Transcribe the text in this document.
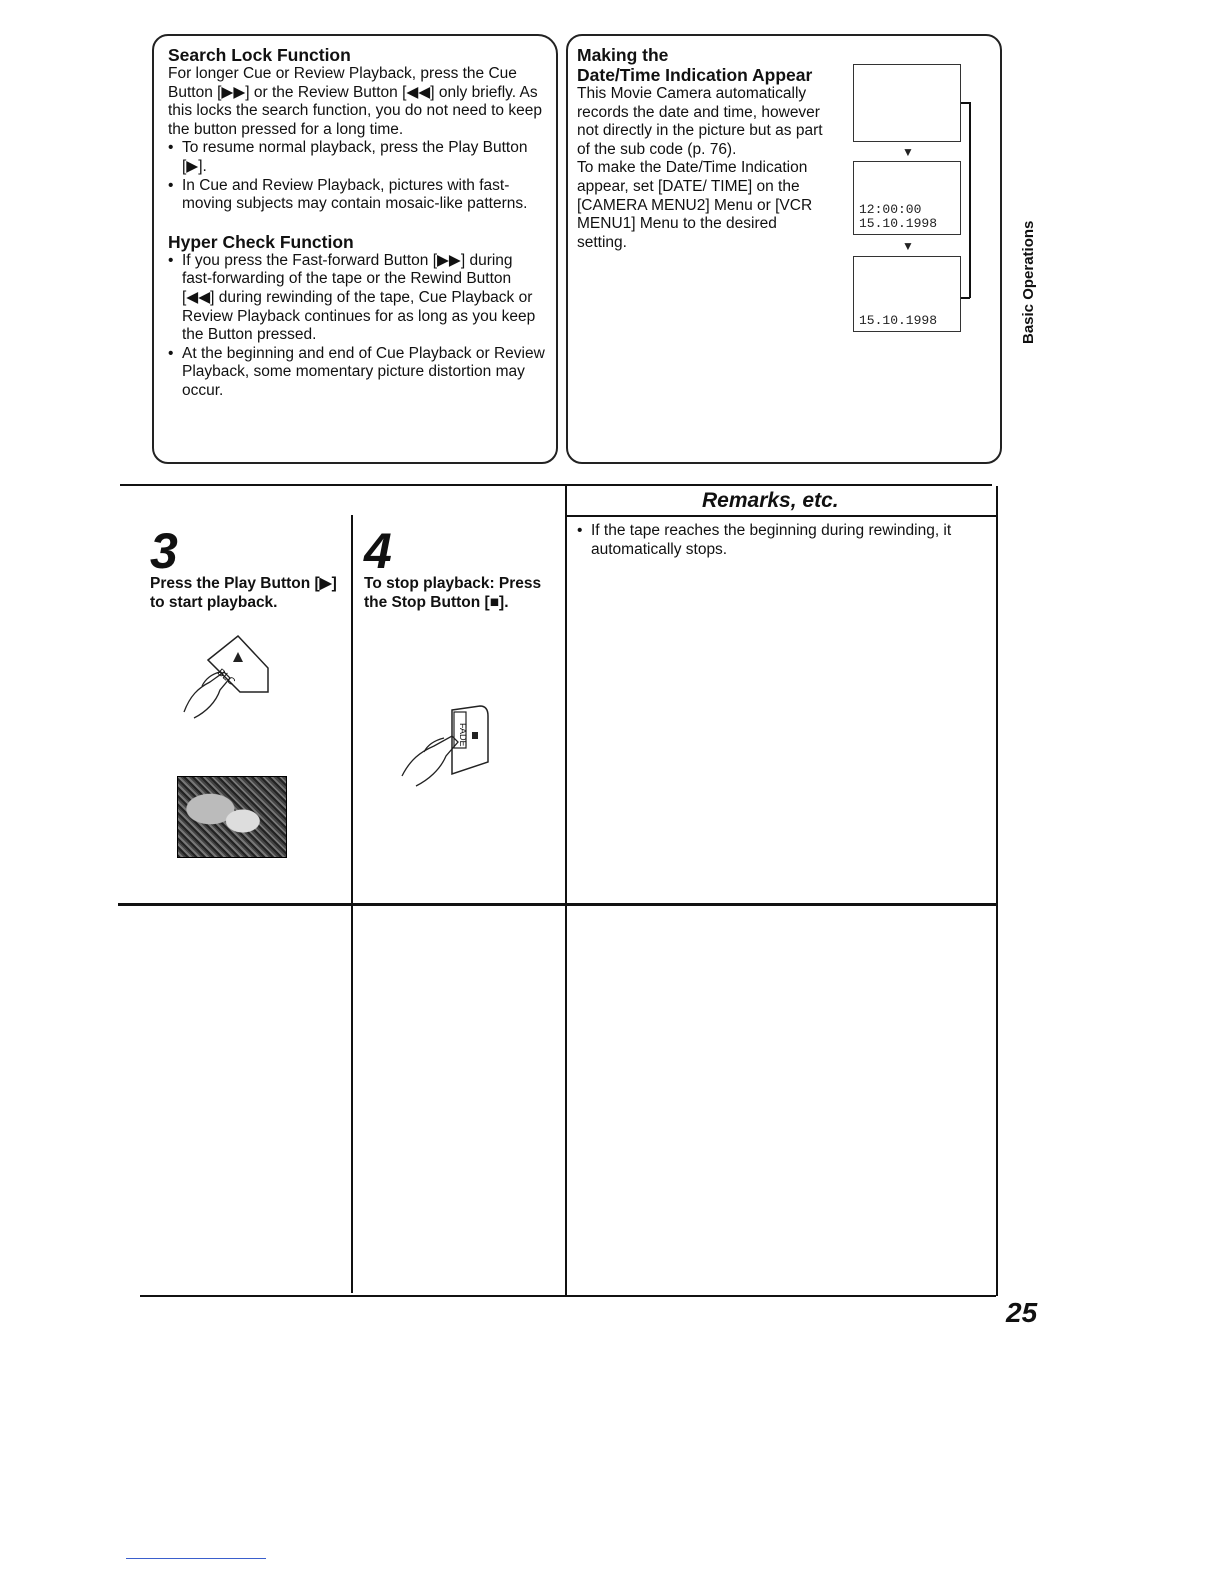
Search Lock Function
For longer Cue or Review Playback, press the Cue Button [▶▶] or the Review Button [◀◀] only briefly. As this locks the search function, you do not need to keep the button pressed for a long time.
• To resume normal playback, press the Play Button [▶].
• In Cue and Review Playback, pictures with fast-moving subjects may contain mosaic-like patterns.
Hyper Check Function
• If you press the Fast-forward Button [▶▶] during fast-forwarding of the tape or the Rewind Button [◀◀] during rewinding of the tape, Cue Playback or Review Playback continues for as long as you keep the Button pressed.
• At the beginning and end of Cue Playback or Review Playback, some momentary picture distortion may occur.
Making the
Date/Time Indication Appear
This Movie Camera automatically records the date and time, however not directly in the picture but as part of the sub code (p. 76).
To make the Date/Time Indication appear, set [DATE/ TIME] on the [CAMERA MENU2] Menu or [VCR MENU1] Menu to the desired setting.
▼
12:00:00
15.10.1998
▼
15.10.1998	Basic Operations
3
Press the Play Button [▶] to start playback.
BLC
4
To stop playback: Press the Stop Button [■].
FADE
Remarks, etc.
• If the tape reaches the beginning during rewinding, it automatically stops.
25
